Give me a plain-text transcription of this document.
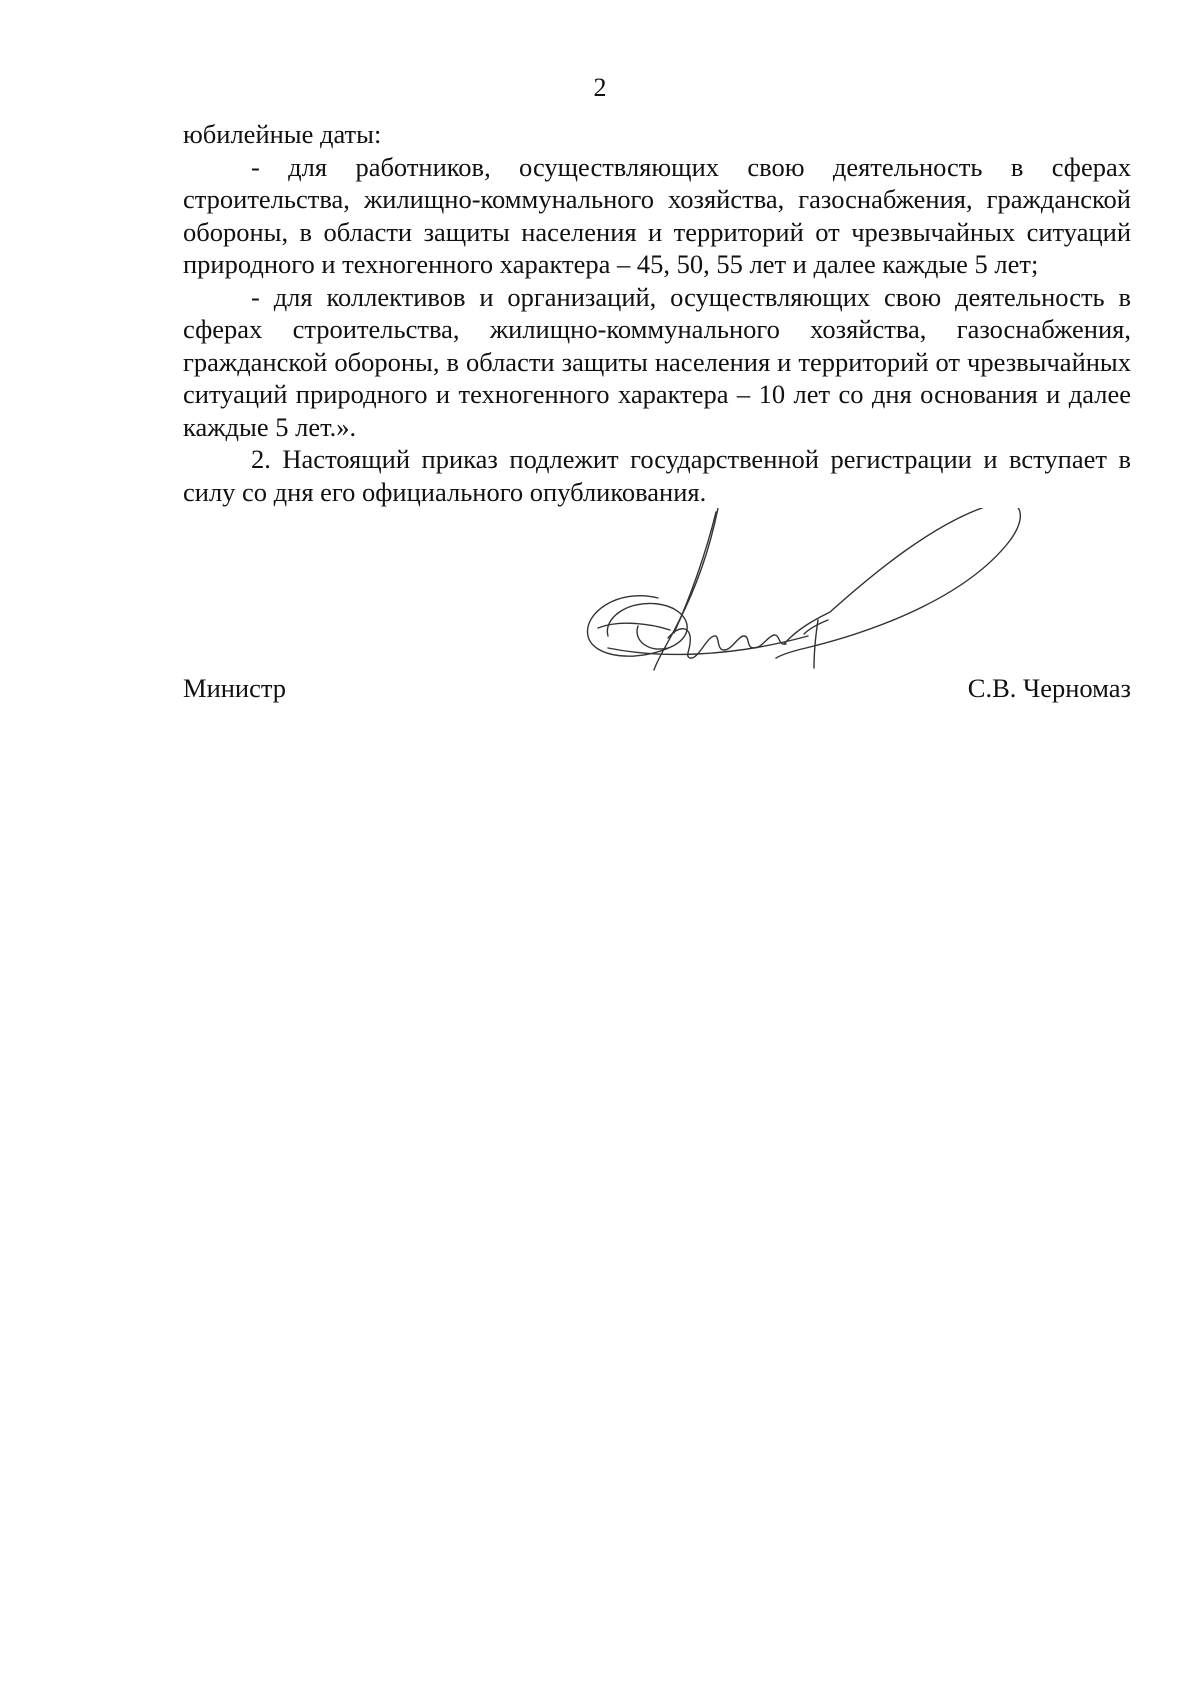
2

юбилейные даты:

- для работников, осуществляющих свою деятельность в сферах строительства, жилищно-коммунального хозяйства, газоснабжения, гражданской обороны, в области защиты населения и территорий от чрезвычайных ситуаций природного и техногенного характера – 45, 50, 55 лет и далее каждые 5 лет;

- для коллективов и организаций, осуществляющих свою деятельность в сферах строительства, жилищно-коммунального хозяйства, газоснабжения, гражданской обороны, в области защиты населения и территорий от чрезвычайных ситуаций природного и техногенного характера – 10 лет со дня основания и далее каждые 5 лет.».

2. Настоящий приказ подлежит государственной регистрации и вступает в силу со дня его официального опубликования.

Министр	С.В. Черномаз
